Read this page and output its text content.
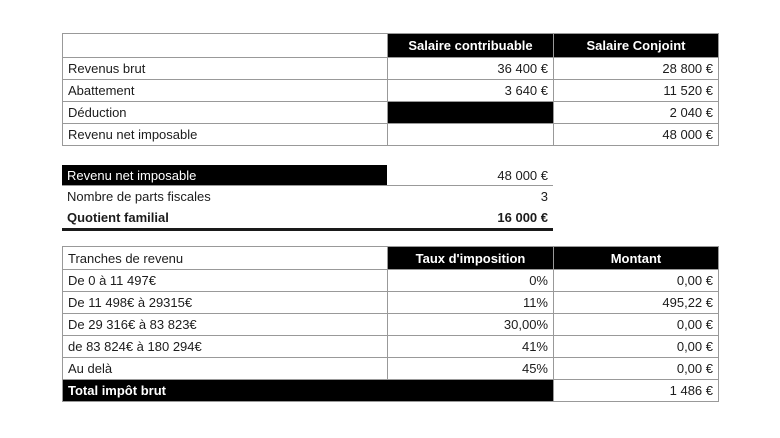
	Salaire contribuable	Salaire Conjoint
Revenus brut	36 400 €	28 800 €
Abattement	3 640 €	11 520 €
Déduction		2 040 €
Revenu net imposable		48 000 €
Revenu net imposable	48 000 €
Nombre de parts fiscales	3
Quotient familial	16 000 €
Tranches de revenu	Taux d'imposition	Montant
De 0 à 11 497€	0%	0,00 €
De 11 498€ à 29315€	11%	495,22 €
De 29 316€ à 83 823€	30,00%	0,00 €
de 83 824€ à 180 294€	41%	0,00 €
Au delà	45%	0,00 €
Total impôt brut		1 486 €
